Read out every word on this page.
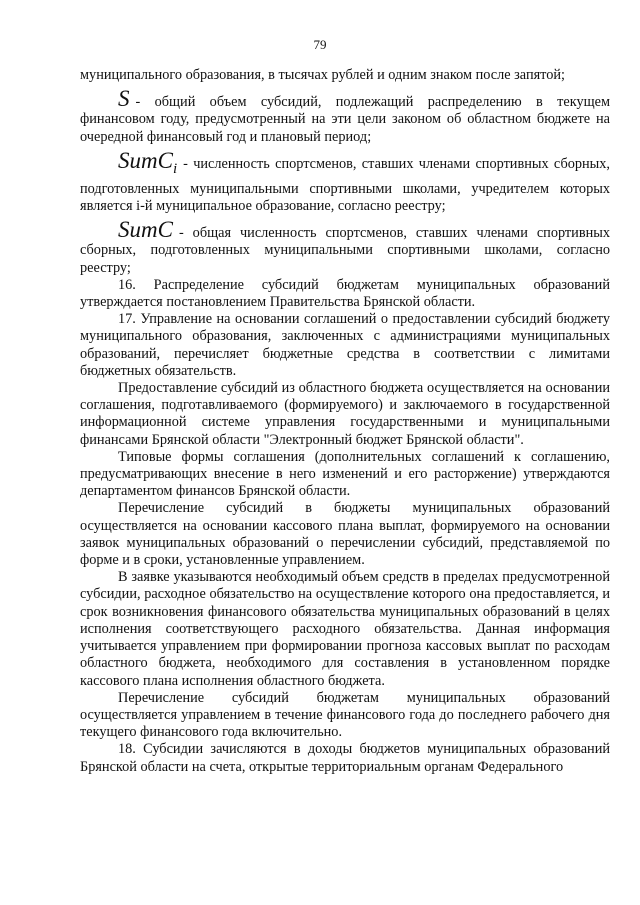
79

муниципального образования, в тысячах рублей и одним знаком после запятой;

S - общий объем субсидий, подлежащий распределению в текущем финансовом году, предусмотренный на эти цели законом об областном бюджете на очередной финансовый год и плановый период;

SumC$_i$ - численность спортсменов, ставших членами спортивных сборных, подготовленных муниципальными спортивными школами, учредителем которых является i-й муниципальное образование, согласно реестру;

SumC - общая численность спортсменов, ставших членами спортивных сборных, подготовленных муниципальными спортивными школами, согласно реестру;

16. Распределение субсидий бюджетам муниципальных образований утверждается постановлением Правительства Брянской области.

17. Управление на основании соглашений о предоставлении субсидий бюджету муниципального образования, заключенных с администрациями муниципальных образований, перечисляет бюджетные средства в соответствии с лимитами бюджетных обязательств.

Предоставление субсидий из областного бюджета осуществляется на основании соглашения, подготавливаемого (формируемого) и заключаемого в государственной информационной системе управления государственными и муниципальными финансами Брянской области "Электронный бюджет Брянской области".

Типовые формы соглашения (дополнительных соглашений к соглашению, предусматривающих внесение в него изменений и его расторжение) утверждаются департаментом финансов Брянской области.

Перечисление субсидий в бюджеты муниципальных образований осуществляется на основании кассового плана выплат, формируемого на основании заявок муниципальных образований о перечислении субсидий, представляемой по форме и в сроки, установленные управлением.

В заявке указываются необходимый объем средств в пределах предусмотренной субсидии, расходное обязательство на осуществление которого она предоставляется, и срок возникновения финансового обязательства муниципальных образований в целях исполнения соответствующего расходного обязательства. Данная информация учитывается управлением при формировании прогноза кассовых выплат по расходам областного бюджета, необходимого для составления в установленном порядке кассового плана исполнения областного бюджета.

Перечисление субсидий бюджетам муниципальных образований осуществляется управлением в течение финансового года до последнего рабочего дня текущего финансового года включительно.

18. Субсидии зачисляются в доходы бюджетов муниципальных образований Брянской области на счета, открытые территориальным органам Федерального
